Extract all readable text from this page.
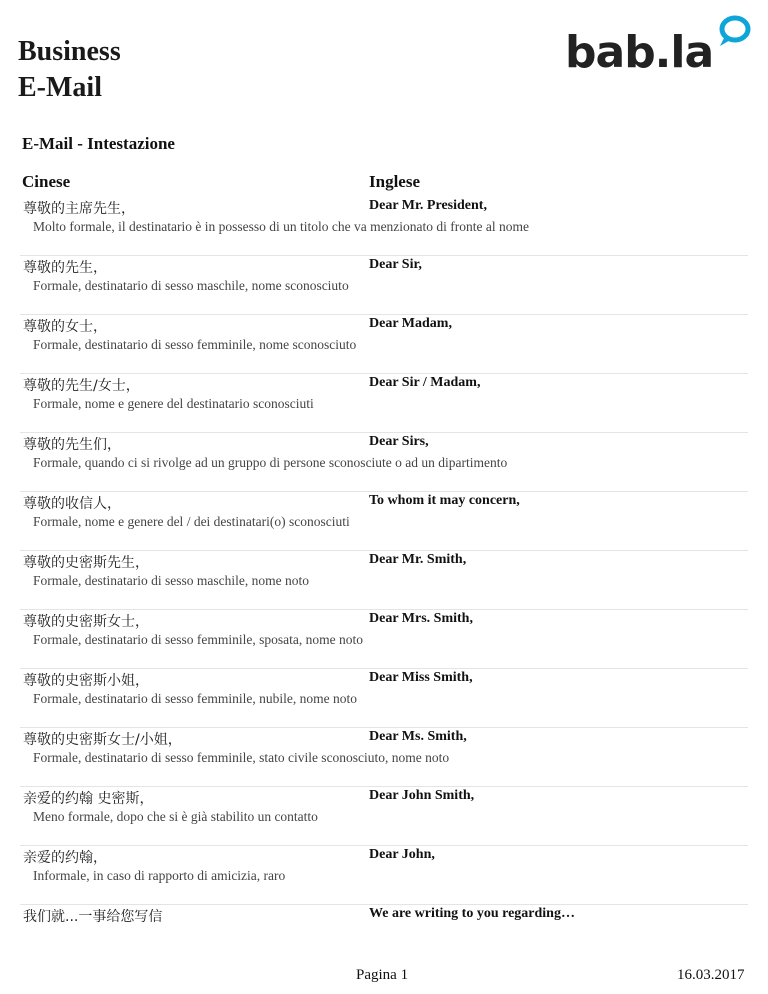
Business
E-Mail
bab.la
E-Mail - Intestazione
Cinese	Inglese
尊敬的主席先生，	Dear Mr. President,
Molto formale, il destinatario è in possesso di un titolo che va menzionato di fronte al nome
尊敬的先生，	Dear Sir,
Formale, destinatario di sesso maschile, nome sconosciuto
尊敬的女士，	Dear Madam,
Formale, destinatario di sesso femminile, nome sconosciuto
尊敬的先生/女士，	Dear Sir / Madam,
Formale, nome e genere del destinatario sconosciuti
尊敬的先生们，	Dear Sirs,
Formale, quando ci si rivolge ad un gruppo di persone sconosciute o ad un dipartimento
尊敬的收信人，	To whom it may concern,
Formale, nome e genere del / dei destinatari(o) sconosciuti
尊敬的史密斯先生，	Dear Mr. Smith,
Formale, destinatario di sesso maschile, nome noto
尊敬的史密斯女士，	Dear Mrs. Smith,
Formale, destinatario di sesso femminile, sposata, nome noto
尊敬的史密斯小姐，	Dear Miss Smith,
Formale, destinatario di sesso femminile, nubile, nome noto
尊敬的史密斯女士/小姐，	Dear Ms. Smith,
Formale, destinatario di sesso femminile, stato civile sconosciuto, nome noto
亲爱的约翰 史密斯，	Dear John Smith,
Meno formale, dopo che si è già stabilito un contatto
亲爱的约翰，	Dear John,
Informale, in caso di rapporto di amicizia, raro
我们就...一事给您写信	We are writing to you regarding…
Pagina 1	16.03.2017
